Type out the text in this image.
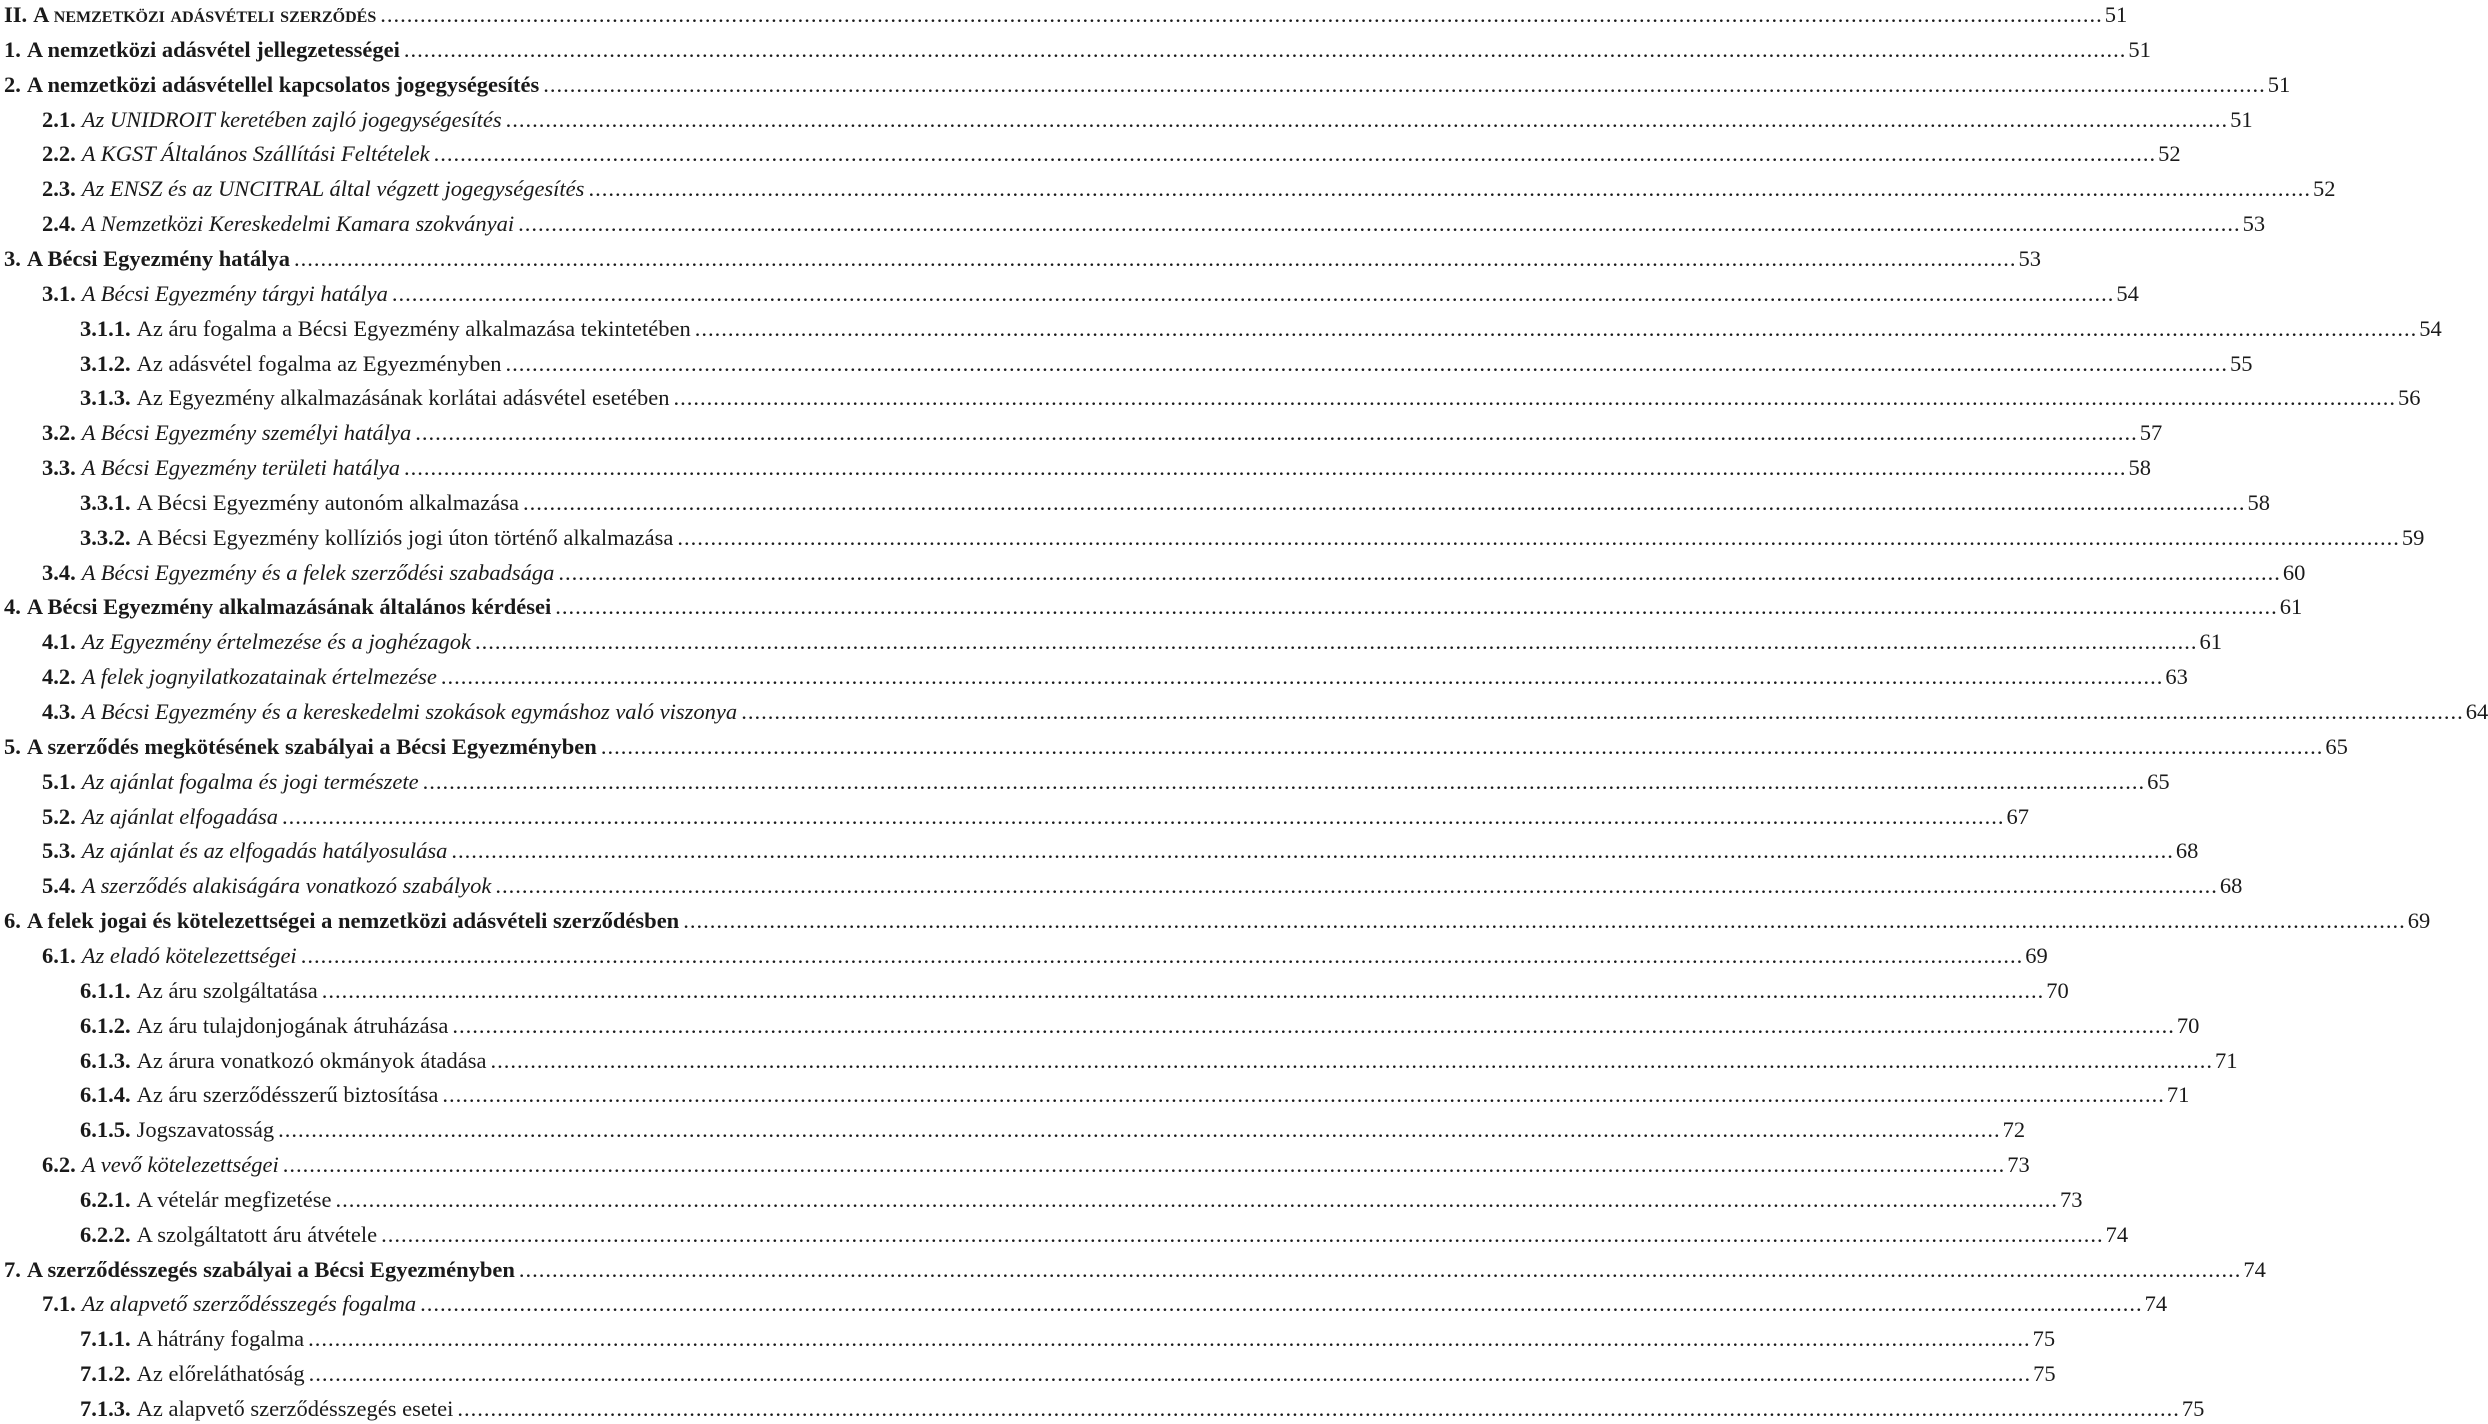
II. A nemzetközi adásvételi szerződés .................................................................................................................................................................................................................................................................... 51
1. A nemzetközi adásvétel jellegzetességei .................................................................................................................................................................................................................................................................... 51
2. A nemzetközi adásvétellel kapcsolatos jogegységesítés .................................................................................................................................................................................................................................................................... 51
2.1. Az UNIDROIT keretében zajló jogegységesítés .................................................................................................................................................................................................................................................................... 51
2.2. A KGST Általános Szállítási Feltételek .................................................................................................................................................................................................................................................................... 52
2.3. Az ENSZ és az UNCITRAL által végzett jogegységesítés .................................................................................................................................................................................................................................................................... 52
2.4. A Nemzetközi Kereskedelmi Kamara szokványai .................................................................................................................................................................................................................................................................... 53
3. A Bécsi Egyezmény hatálya .................................................................................................................................................................................................................................................................... 53
3.1. A Bécsi Egyezmény tárgyi hatálya .................................................................................................................................................................................................................................................................... 54
3.1.1. Az áru fogalma a Bécsi Egyezmény alkalmazása tekintetében .................................................................................................................................................................................................................................................................... 54
3.1.2. Az adásvétel fogalma az Egyezményben .................................................................................................................................................................................................................................................................... 55
3.1.3. Az Egyezmény alkalmazásának korlátai adásvétel esetében .................................................................................................................................................................................................................................................................... 56
3.2. A Bécsi Egyezmény személyi hatálya .................................................................................................................................................................................................................................................................... 57
3.3. A Bécsi Egyezmény területi hatálya .................................................................................................................................................................................................................................................................... 58
3.3.1. A Bécsi Egyezmény autonóm alkalmazása .................................................................................................................................................................................................................................................................... 58
3.3.2. A Bécsi Egyezmény kollíziós jogi úton történő alkalmazása .................................................................................................................................................................................................................................................................... 59
3.4. A Bécsi Egyezmény és a felek szerződési szabadsága .................................................................................................................................................................................................................................................................... 60
4. A Bécsi Egyezmény alkalmazásának általános kérdései .................................................................................................................................................................................................................................................................... 61
4.1. Az Egyezmény értelmezése és a joghézagok .................................................................................................................................................................................................................................................................... 61
4.2. A felek jognyilatkozatainak értelmezése .................................................................................................................................................................................................................................................................... 63
4.3. A Bécsi Egyezmény és a kereskedelmi szokások egymáshoz való viszonya .................................................................................................................................................................................................................................................................... 64
5. A szerződés megkötésének szabályai a Bécsi Egyezményben .................................................................................................................................................................................................................................................................... 65
5.1. Az ajánlat fogalma és jogi természete .................................................................................................................................................................................................................................................................... 65
5.2. Az ajánlat elfogadása .................................................................................................................................................................................................................................................................... 67
5.3. Az ajánlat és az elfogadás hatályosulása .................................................................................................................................................................................................................................................................... 68
5.4. A szerződés alakiságára vonatkozó szabályok .................................................................................................................................................................................................................................................................... 68
6. A felek jogai és kötelezettségei a nemzetközi adásvételi szerződésben .................................................................................................................................................................................................................................................................... 69
6.1. Az eladó kötelezettségei .................................................................................................................................................................................................................................................................... 69
6.1.1. Az áru szolgáltatása .................................................................................................................................................................................................................................................................... 70
6.1.2. Az áru tulajdonjogának átruházása .................................................................................................................................................................................................................................................................... 70
6.1.3. Az árura vonatkozó okmányok átadása .................................................................................................................................................................................................................................................................... 71
6.1.4. Az áru szerződésszerű biztosítása .................................................................................................................................................................................................................................................................... 71
6.1.5. Jogszavatosság .................................................................................................................................................................................................................................................................... 72
6.2. A vevő kötelezettségei .................................................................................................................................................................................................................................................................... 73
6.2.1. A vételár megfizetése .................................................................................................................................................................................................................................................................... 73
6.2.2. A szolgáltatott áru átvétele .................................................................................................................................................................................................................................................................... 74
7. A szerződésszegés szabályai a Bécsi Egyezményben .................................................................................................................................................................................................................................................................... 74
7.1. Az alapvető szerződésszegés fogalma .................................................................................................................................................................................................................................................................... 74
7.1.1. A hátrány fogalma .................................................................................................................................................................................................................................................................... 75
7.1.2. Az előreláthatóság .................................................................................................................................................................................................................................................................... 75
7.1.3. Az alapvető szerződésszegés esetei .................................................................................................................................................................................................................................................................... 75
